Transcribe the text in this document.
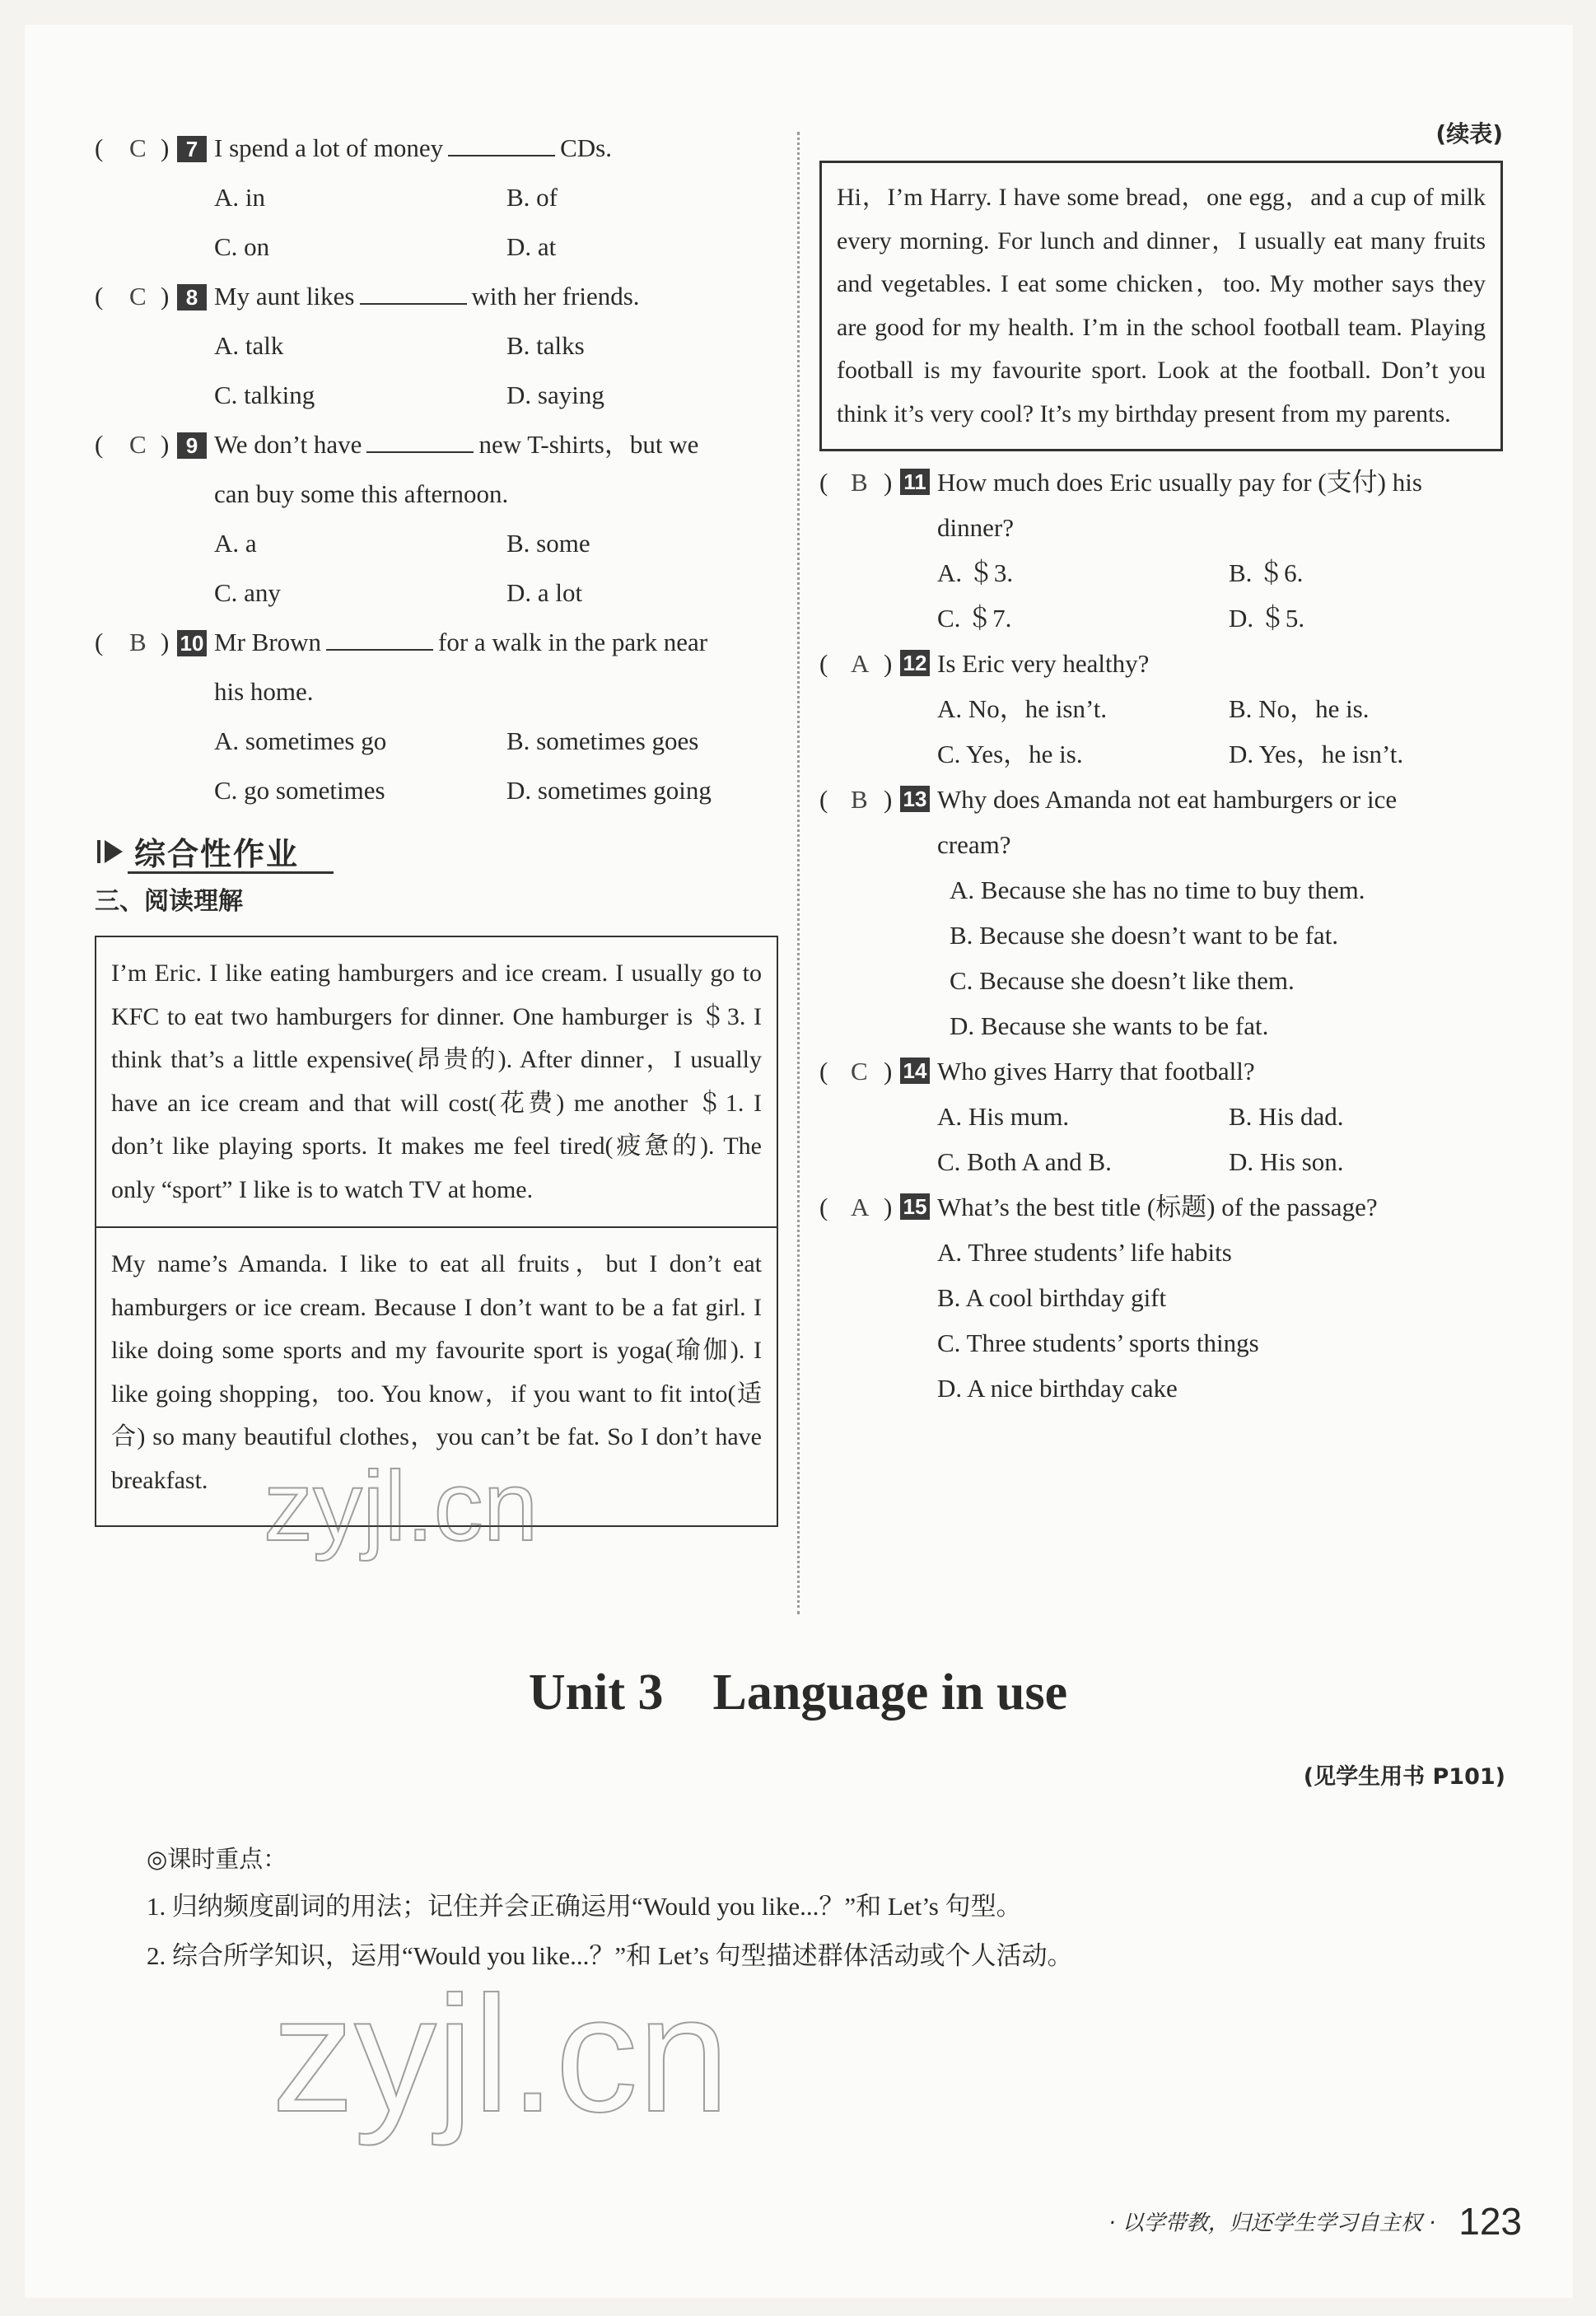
( C ) 7 I spend a lot of money	CDs.
A. in	B. of
C. on	D. at
( C ) 8 My aunt likes	with her friends.
A. talk	B. talks
C. talking	D. saying
( C ) 9 We don’t have	new T-shirts，but we
can buy some this afternoon.
A. a	B. some
C. any	D. a lot
( B ) 10 Mr Brown	for a walk in the park near
his home.
A. sometimes go	B. sometimes goes
C. go sometimes	D. sometimes going
综合性作业
三、阅读理解
I’m Eric. I like eating hamburgers and ice cream. I usually go to KFC to eat two hamburgers for dinner. One hamburger is ＄3. I think that’s a little expensive(昂贵的). After dinner，I usually have an ice cream and that will cost(花费) me another ＄1. I don’t like playing sports. It makes me feel tired(疲惫的). The only “sport” I like is to watch TV at home.
My name’s Amanda. I like to eat all fruits，but I don’t eat hamburgers or ice cream. Because I don’t want to be a fat girl. I like doing some sports and my favourite sport is yoga(瑜伽). I like going shopping，too. You know，if you want to fit into(适合) so many beautiful clothes，you can’t be fat. So I don’t have breakfast.
(续表)
Hi，I’m Harry. I have some bread，one egg，and a cup of milk every morning. For lunch and dinner，I usually eat many fruits and vegetables. I eat some chicken，too. My mother says they are good for my health. I’m in the school football team. Playing football is my favourite sport. Look at the football. Don’t you think it’s very cool? It’s my birthday present from my parents.
( B ) 11 How much does Eric usually pay for (支付) his
dinner?
A. ＄3.	B. ＄6.
C. ＄7.	D. ＄5.
( A ) 12 Is Eric very healthy?
A. No，he isn’t.	B. No，he is.
C. Yes，he is.	D. Yes，he isn’t.
( B ) 13 Why does Amanda not eat hamburgers or ice
cream?
A. Because she has no time to buy them.
B. Because she doesn’t want to be fat.
C. Because she doesn’t like them.
D. Because she wants to be fat.
( C ) 14 Who gives Harry that football?
A. His mum.	B. His dad.
C. Both A and B.	D. His son.
( A ) 15 What’s the best title (标题) of the passage?
A. Three students’ life habits
B. A cool birthday gift
C. Three students’ sports things
D. A nice birthday cake
Unit 3 Language in use
(见学生用书 P101)
◎课时重点：
1. 归纳频度副词的用法；记住并会正确运用“Would you like...？”和 Let’s 句型。
2. 综合所学知识，运用“Would you like...？”和 Let’s 句型描述群体活动或个人活动。
· 以学带教，归还学生学习自主权 · 123
